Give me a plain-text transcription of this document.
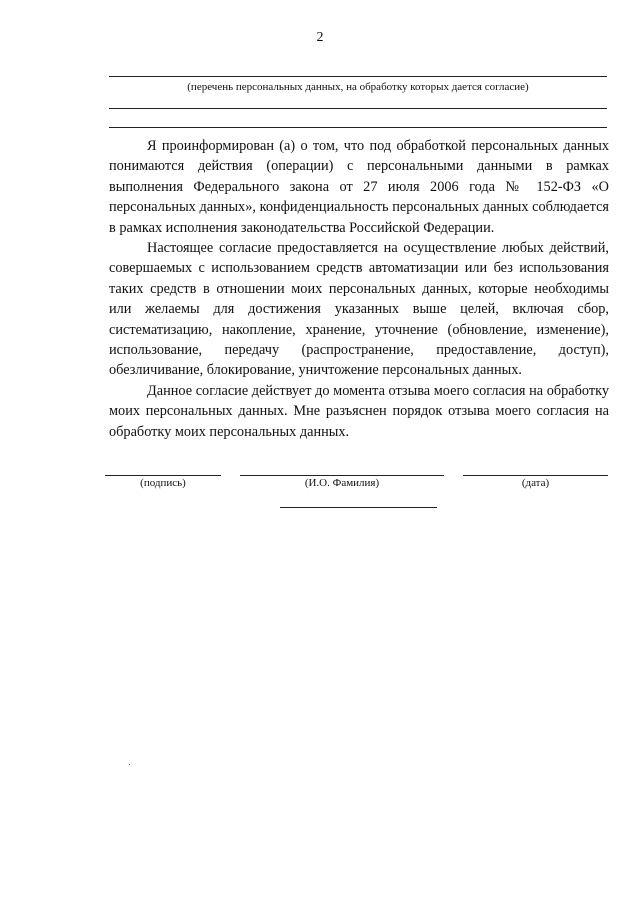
2
(перечень персональных данных, на обработку которых дается согласие)

Я проинформирован (а) о том, что под обработкой персональных данных понимаются действия (операции) с персональными данными в рамках выполнения Федерального закона от 27 июля 2006 года № 152-ФЗ «О персональных данных», конфиденциальность персональных данных соблюдается в рамках исполнения законодательства Российской Федерации.

Настоящее согласие предоставляется на осуществление любых действий, совершаемых с использованием средств автоматизации или без использования таких средств в отношении моих персональных данных, которые необходимы или желаемы для достижения указанных выше целей, включая сбор, систематизацию, накопление, хранение, уточнение (обновление, изменение), использование, передачу (распространение, предоставление, доступ), обезличивание, блокирование, уничтожение персональных данных.

Данное согласие действует до момента отзыва моего согласия на обработку моих персональных данных. Мне разъяснен порядок отзыва моего согласия на обработку моих персональных данных.

(подпись)	(И.О. Фамилия)	(дата)
